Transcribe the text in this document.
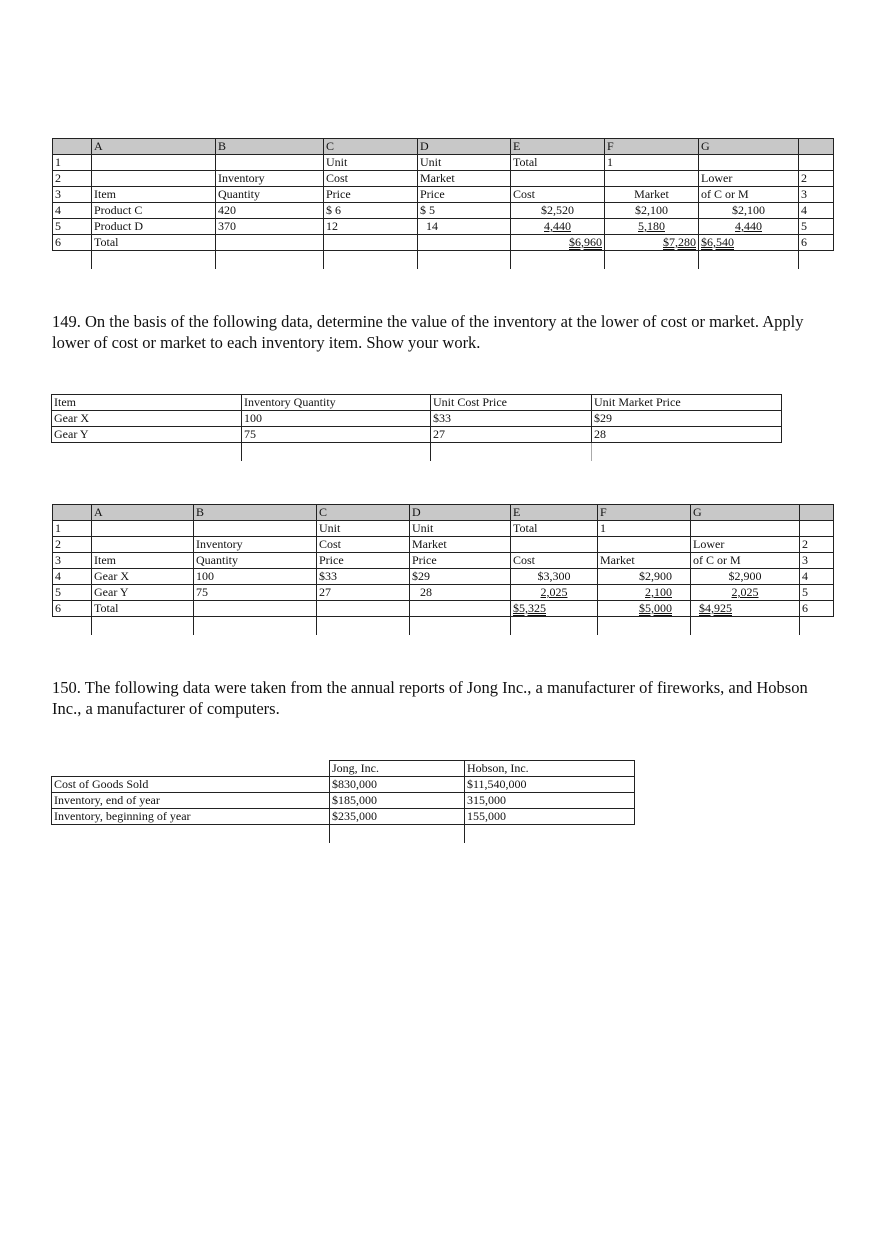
	A	B	C	D	E	F	G	
1			Unit	Unit	Total	1		
2		Inventory	Cost	Market			Lower	2
3	Item	Quantity	Price	Price	Cost	Market	of C or M	3
4	Product C	420	$ 6	$ 5	$2,520	$2,100	$2,100	4
5	Product D	370	12	14	4,440	5,180	4,440	5
6	Total				$6,960	$7,280	$6,540	6

149. On the basis of the following data, determine the value of the inventory at the lower of cost or market. Apply lower of cost or market to each inventory item. Show your work.
Item	Inventory Quantity	Unit Cost Price	Unit Market Price
Gear X	100	$33	$29
Gear Y	75	27	28

	A	B	C	D	E	F	G	
1			Unit	Unit	Total	1		
2		Inventory	Cost	Market			Lower	2
3	Item	Quantity	Price	Price	Cost	Market	of C or M	3
4	Gear X	100	$33	$29	$3,300	$2,900	$2,900	4
5	Gear Y	75	27	28	2,025	2,100	2,025	5
6	Total				$5,325	$5,000	$4,925	6

150. The following data were taken from the annual reports of Jong Inc., a manufacturer of fireworks, and Hobson Inc., a manufacturer of computers.
	Jong, Inc.	Hobson, Inc.
Cost of Goods Sold	$830,000	$11,540,000
Inventory, end of year	$185,000	315,000
Inventory, beginning of year	$235,000	155,000
